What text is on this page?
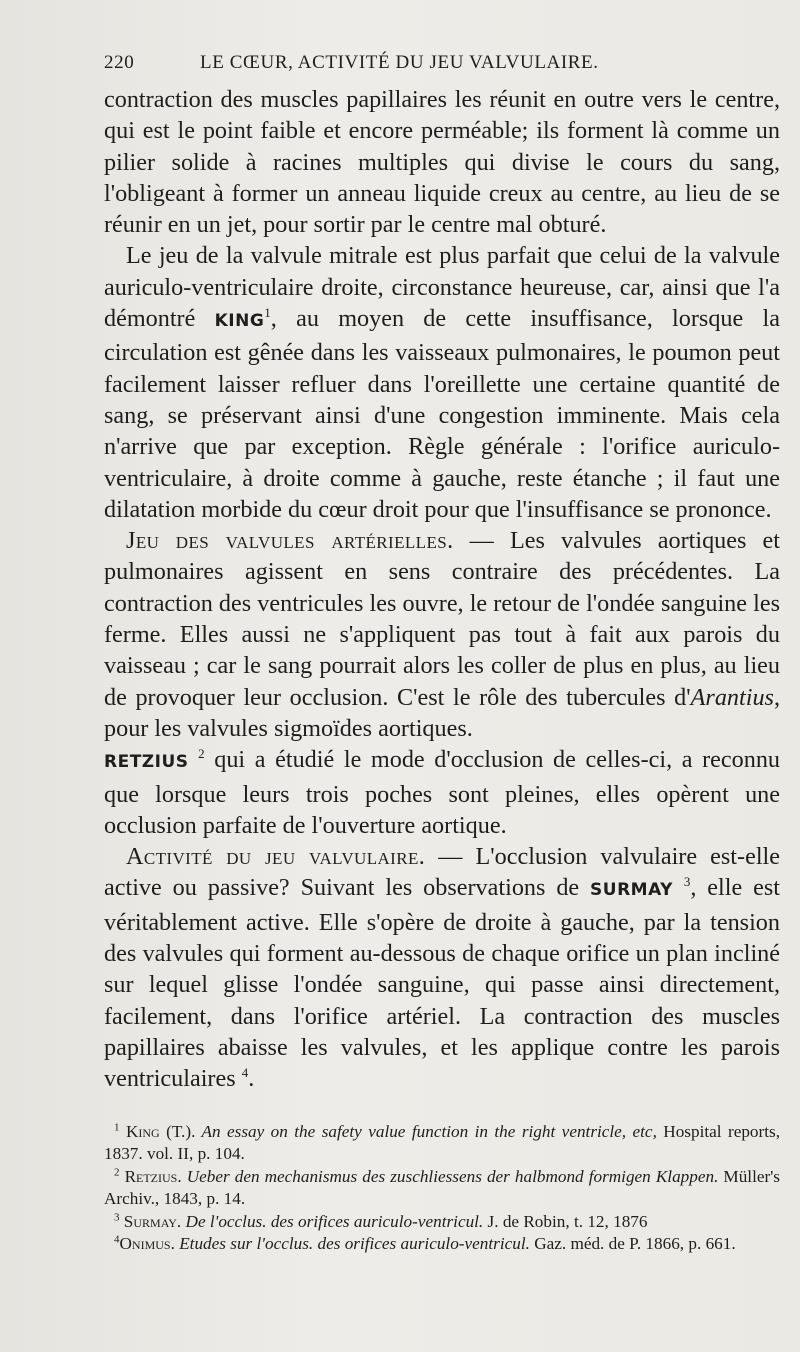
220	LE CŒUR, ACTIVITÉ DU JEU VALVULAIRE.

contraction des muscles papillaires les réunit en outre vers le centre, qui est le point faible et encore perméable; ils forment là comme un pilier solide à racines multiples qui divise le cours du sang, l'obligeant à former un anneau liquide creux au centre, au lieu de se réunir en un jet, pour sortir par le centre mal obturé.

Le jeu de la valvule mitrale est plus parfait que celui de la valvule auriculo-ventriculaire droite, circonstance heureuse, car, ainsi que l'a démontré KING$^1$, au moyen de cette insuffisance, lorsque la circulation est gênée dans les vaisseaux pulmonaires, le poumon peut facilement laisser refluer dans l'oreillette une certaine quantité de sang, se préservant ainsi d'une congestion imminente. Mais cela n'arrive que par exception. Règle générale : l'orifice auriculo-ventriculaire, à droite comme à gauche, reste étanche ; il faut une dilatation morbide du cœur droit pour que l'insuffisance se prononce.

Jeu des valvules artérielles. — Les valvules aortiques et pulmonaires agissent en sens contraire des précédentes. La contraction des ventricules les ouvre, le retour de l'ondée sanguine les ferme. Elles aussi ne s'appliquent pas tout à fait aux parois du vaisseau ; car le sang pourrait alors les coller de plus en plus, au lieu de provoquer leur occlusion. C'est le rôle des tubercules d'Arantius, pour les valvules sigmoïdes aortiques.

RETZIUS $^2$ qui a étudié le mode d'occlusion de celles-ci, a reconnu que lorsque leurs trois poches sont pleines, elles opèrent une occlusion parfaite de l'ouverture aortique.

Activité du jeu valvulaire. — L'occlusion valvulaire est-elle active ou passive? Suivant les observations de SURMAY $^3$, elle est véritablement active. Elle s'opère de droite à gauche, par la tension des valvules qui forment au-dessous de chaque orifice un plan incliné sur lequel glisse l'ondée sanguine, qui passe ainsi directement, facilement, dans l'orifice artériel. La contraction des muscles papillaires abaisse les valvules, et les applique contre les parois ventriculaires $^4$.

$^1$ King (T.). An essay on the safety value function in the right ventricle, etc, Hospital reports, 1837. vol. II, p. 104.

$^2$ Retzius. Ueber den mechanismus des zuschliessens der halbmond formigen Klappen. Müller's Archiv., 1843, p. 14.

$^3$ Surmay. De l'occlus. des orifices auriculo-ventricul. J. de Robin, t. 12, 1876

$^4$Onimus. Etudes sur l'occlus. des orifices auriculo-ventricul. Gaz. méd. de P. 1866, p. 661.
